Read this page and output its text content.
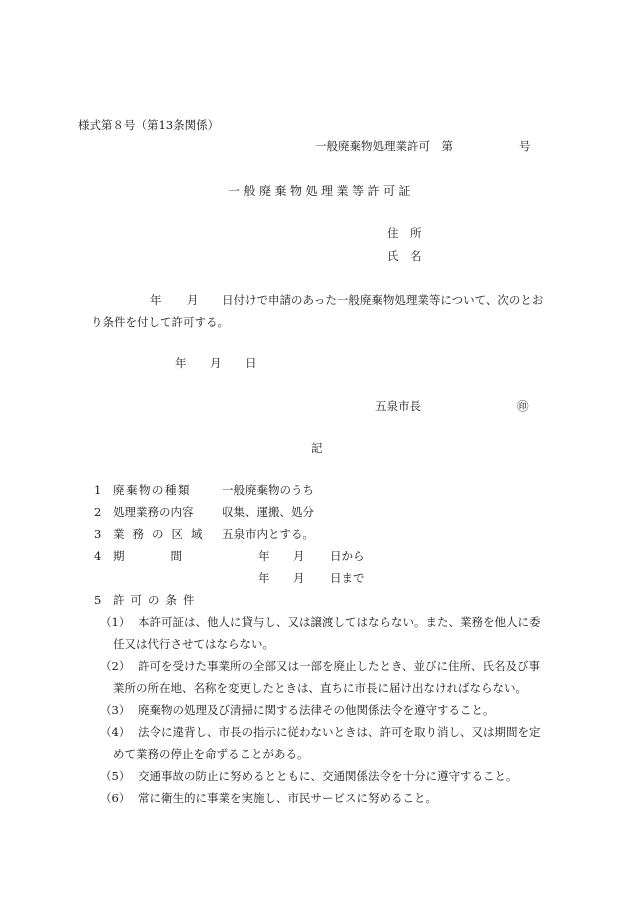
様式第８号（第13条関係）
一般廃棄物処理業許可　第	号
一般廃棄物処理業等許可証
住　所
氏　名
年 月 日付けで申請のあった一般廃棄物処理業等について、次のとお
り条件を付して許可する。
年 月 日
五泉市長	㊞
記
1 廃棄物の種類	一般廃棄物のうち
2 処理業務の内容 収集、運搬、処分
3 業務の区域 五泉市内とする。
4 期　　　　間	年 月 日から
年 月 日まで
5 許可の条件
（1） 本許可証は、他人に貸与し、又は譲渡してはならない。また、業務を他人に委
任又は代行させてはならない。
（2） 許可を受けた事業所の全部又は一部を廃止したとき、並びに住所、氏名及び事
業所の所在地、名称を変更したときは、直ちに市長に届け出なければならない。
（3） 廃棄物の処理及び清掃に関する法律その他関係法令を遵守すること。
（4） 法令に違背し、市長の指示に従わないときは、許可を取り消し、又は期間を定
めて業務の停止を命ずることがある。
（5） 交通事故の防止に努めるとともに、交通関係法令を十分に遵守すること。
（6） 常に衛生的に事業を実施し、市民サービスに努めること。
